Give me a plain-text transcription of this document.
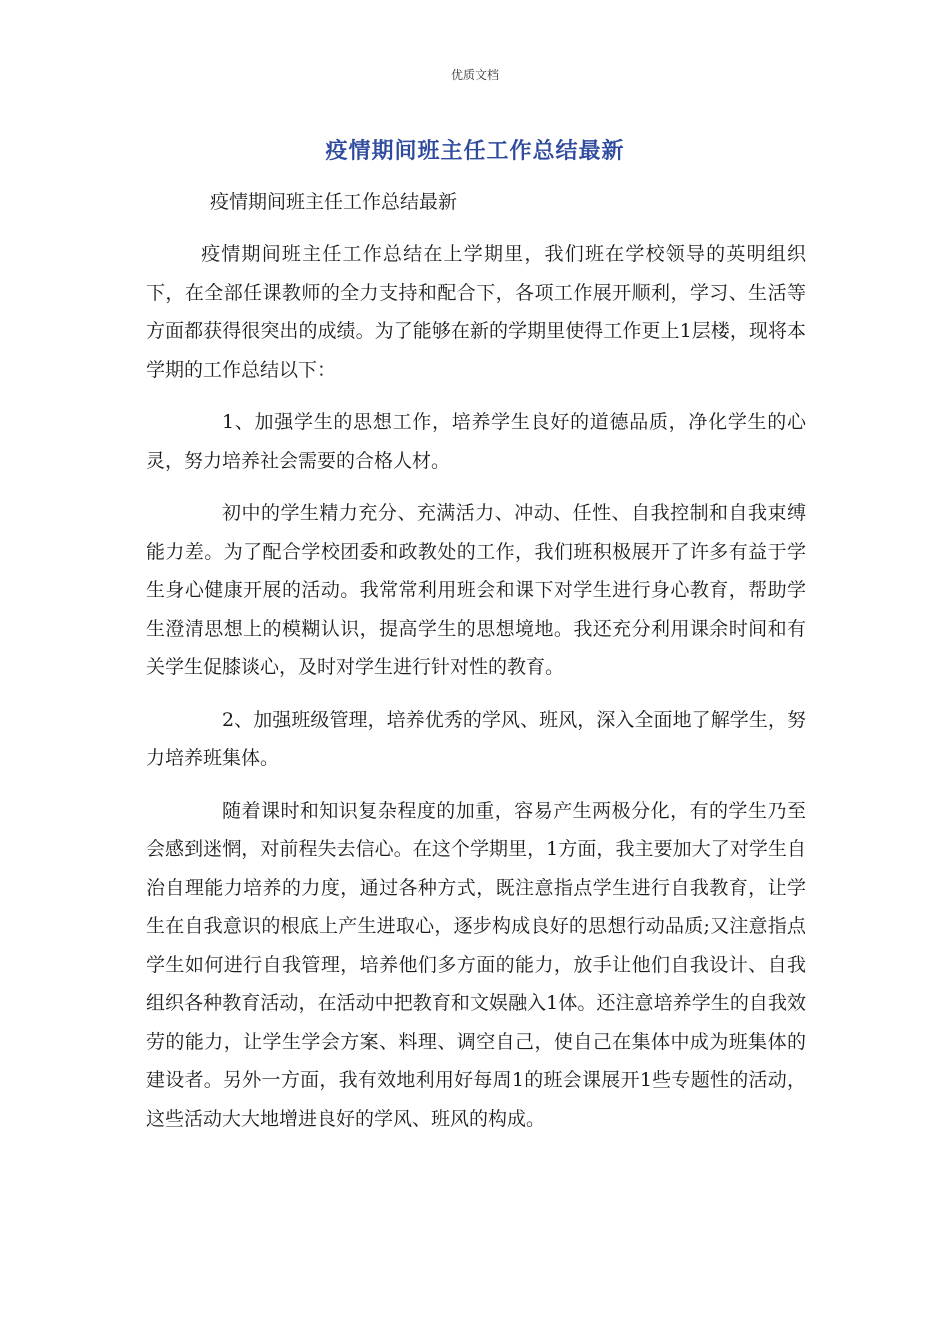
优质文档
疫情期间班主任工作总结最新
疫情期间班主任工作总结最新

疫情期间班主任工作总结在上学期里，我们班在学校领导的英明组织下，在全部任课教师的全力支持和配合下，各项工作展开顺利，学习、生活等方面都获得很突出的成绩。为了能够在新的学期里使得工作更上1层楼，现将本学期的工作总结以下：

1、加强学生的思想工作，培养学生良好的道德品质，净化学生的心灵，努力培养社会需要的合格人材。

初中的学生精力充分、充满活力、冲动、任性、自我控制和自我束缚能力差。为了配合学校团委和政教处的工作，我们班积极展开了许多有益于学生身心健康开展的活动。我常常利用班会和课下对学生进行身心教育，帮助学生澄清思想上的模糊认识，提高学生的思想境地。我还充分利用课余时间和有关学生促膝谈心，及时对学生进行针对性的教育。

2、加强班级管理，培养优秀的学风、班风，深入全面地了解学生，努力培养班集体。

随着课时和知识复杂程度的加重，容易产生两极分化，有的学生乃至会感到迷惘，对前程失去信心。在这个学期里，1方面，我主要加大了对学生自治自理能力培养的力度，通过各种方式，既注意指点学生进行自我教育，让学生在自我意识的根底上产生进取心，逐步构成良好的思想行动品质;又注意指点学生如何进行自我管理，培养他们多方面的能力，放手让他们自我设计、自我组织各种教育活动，在活动中把教育和文娱融入1体。还注意培养学生的自我效劳的能力，让学生学会方案、料理、调空自己，使自己在集体中成为班集体的建设者。另外一方面，我有效地利用好每周1的班会课展开1些专题性的活动，这些活动大大地增进良好的学风、班风的构成。
